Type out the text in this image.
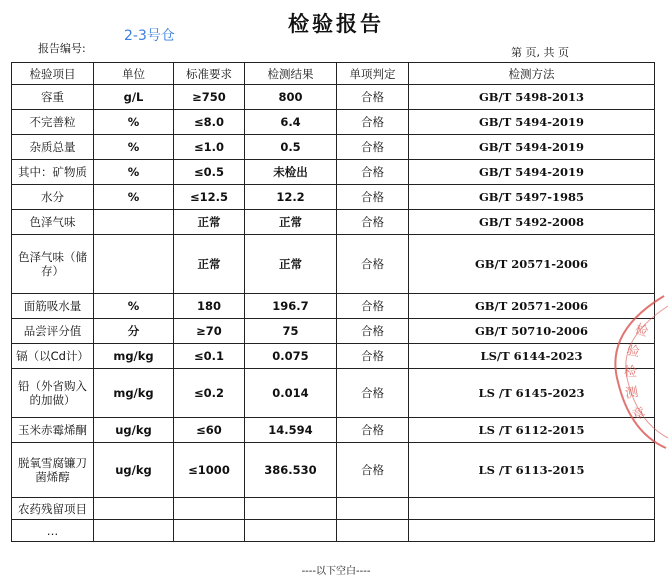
检验报告
2-3号仓
报告编号:	第 页, 共 页
检验项目	单位	标准要求	检测结果	单项判定	检测方法
容重	g/L	≥750	800	合格	GB/T 5498-2013
不完善粒	%	≤8.0	6.4	合格	GB/T 5494-2019
杂质总量	%	≤1.0	0.5	合格	GB/T 5494-2019
其中：矿物质	%	≤0.5	未检出	合格	GB/T 5494-2019
水分	%	≤12.5	12.2	合格	GB/T 5497-1985
色泽气味		正常	正常	合格	GB/T 5492-2008
色泽气味（储存）		正常	正常	合格	GB/T 20571-2006
面筋吸水量	%	180	196.7	合格	GB/T 20571-2006
品尝评分值	分	≥70	75	合格	GB/T 50710-2006
镉（以Cd计）	mg/kg	≤0.1	0.075	合格	LS/T 6144-2023
铅（外省购入的加做）	mg/kg	≤0.2	0.014	合格	LS /T 6145-2023
玉米赤霉烯酮	ug/kg	≤60	14.594	合格	LS /T 6112-2015
脱氧雪腐镰刀菌烯醇	ug/kg	≤1000	386.530	合格	LS /T 6113-2015
农药残留项目					
…					
----以下空白----
检
验
检
测
章
